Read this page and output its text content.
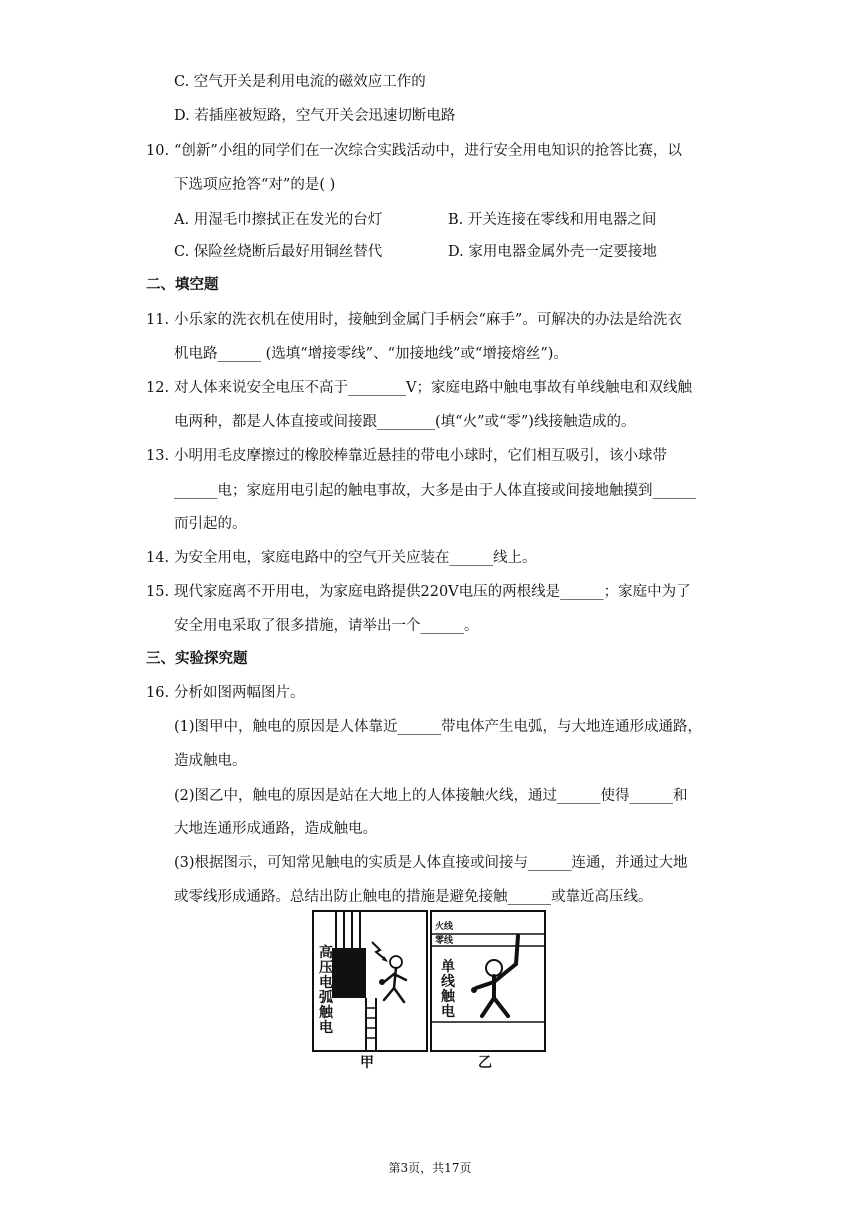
C. 空气开关是利用电流的磁效应工作的
D. 若插座被短路，空气开关会迅速切断电路
10. “创新”小组的同学们在一次综合实践活动中，进行安全用电知识的抢答比赛，以
下选项应抢答“对”的是( )
A. 用湿毛巾擦拭正在发光的台灯	B. 开关连接在零线和用电器之间
C. 保险丝烧断后最好用铜丝替代	D. 家用电器金属外壳一定要接地
二、填空题
11. 小乐家的洗衣机在使用时，接触到金属门手柄会“麻手”。可解决的办法是给洗衣
机电路______ (选填“增接零线”、“加接地线”或“增接熔丝”)。
12. 对人体来说安全电压不高于________V；家庭电路中触电事故有单线触电和双线触
电两种，都是人体直接或间接跟________(填“火”或“零”)线接触造成的。
13. 小明用毛皮摩擦过的橡胶棒靠近悬挂的带电小球时，它们相互吸引，该小球带
______电；家庭用电引起的触电事故，大多是由于人体直接或间接地触摸到______
而引起的。
14. 为安全用电，家庭电路中的空气开关应装在______线上。
15. 现代家庭离不开用电，为家庭电路提供220V电压的两根线是______；家庭中为了
安全用电采取了很多措施，请举出一个______。
三、实验探究题
16. 分析如图两幅图片。
(1)图甲中，触电的原因是人体靠近______带电体产生电弧，与大地连通形成通路，
造成触电。
(2)图乙中，触电的原因是站在大地上的人体接触火线，通过______使得______和
大地连通形成通路，造成触电。
(3)根据图示，可知常见触电的实质是人体直接或间接与______连通，并通过大地
或零线形成通路。总结出防止触电的措施是避免接触______或靠近高压线。
高压电弧触电
火线
零线
单线触电
甲	乙
第3页，共17页
